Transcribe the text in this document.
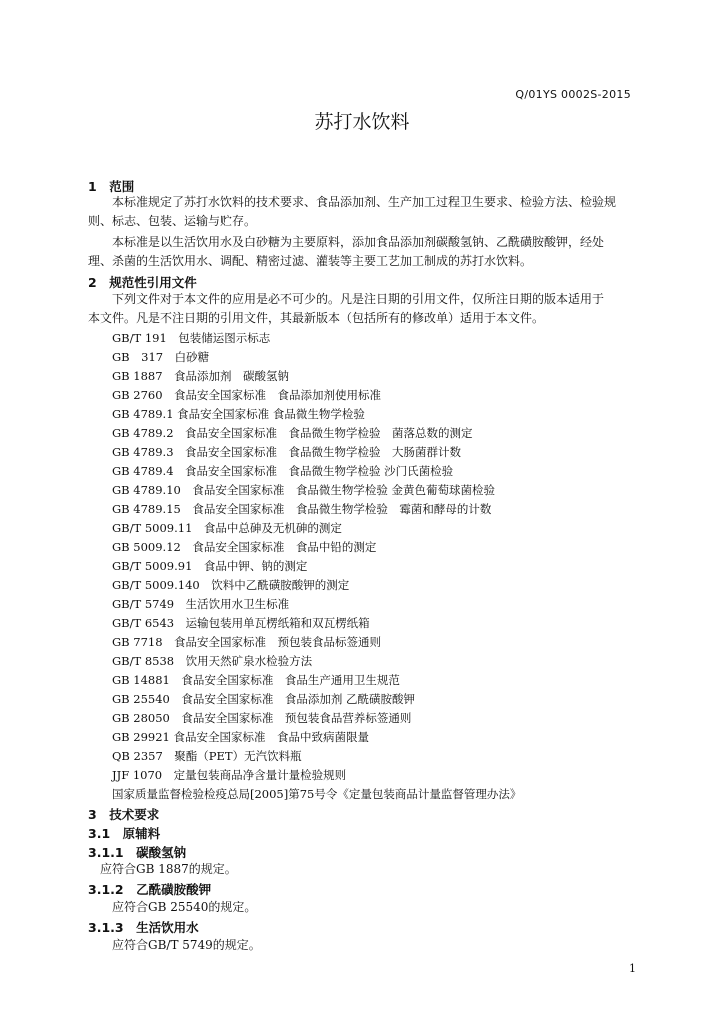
Q/01YS 0002S-2015
苏打水饮料
1　范围
　　本标准规定了苏打水饮料的技术要求、食品添加剂、生产加工过程卫生要求、检验方法、检验规
则、标志、包装、运输与贮存。
　　本标准是以生活饮用水及白砂糖为主要原料，添加食品添加剂碳酸氢钠、乙酰磺胺酸钾，经处
理、杀菌的生活饮用水、调配、精密过滤、灌装等主要工艺加工制成的苏打水饮料。
2　规范性引用文件
　　下列文件对于本文件的应用是必不可少的。凡是注日期的引用文件，仅所注日期的版本适用于
本文件。凡是不注日期的引用文件，其最新版本（包括所有的修改单）适用于本文件。
GB/T 191　包装储运图示标志
GB　317　白砂糖
GB 1887　食品添加剂　碳酸氢钠
GB 2760　食品安全国家标准　食品添加剂使用标准
GB 4789.1 食品安全国家标准 食品微生物学检验
GB 4789.2　食品安全国家标准　食品微生物学检验　菌落总数的测定
GB 4789.3　食品安全国家标准　食品微生物学检验　大肠菌群计数
GB 4789.4　食品安全国家标准　食品微生物学检验 沙门氏菌检验
GB 4789.10　食品安全国家标准　食品微生物学检验 金黄色葡萄球菌检验
GB 4789.15　食品安全国家标准　食品微生物学检验　霉菌和酵母的计数
GB/T 5009.11　食品中总砷及无机砷的测定
GB 5009.12　食品安全国家标准　食品中铅的测定
GB/T 5009.91　食品中钾、钠的测定
GB/T 5009.140　饮料中乙酰磺胺酸钾的测定
GB/T 5749　生活饮用水卫生标准
GB/T 6543　运输包装用单瓦楞纸箱和双瓦楞纸箱
GB 7718　食品安全国家标准　预包装食品标签通则
GB/T 8538　饮用天然矿泉水检验方法
GB 14881　食品安全国家标准　食品生产通用卫生规范
GB 25540　食品安全国家标准　食品添加剂 乙酰磺胺酸钾
GB 28050　食品安全国家标准　预包装食品营养标签通则
GB 29921 食品安全国家标准　食品中致病菌限量
QB 2357　聚酯（PET）无汽饮料瓶
JJF 1070　定量包装商品净含量计量检验规则
国家质量监督检验检疫总局[2005]第75号令《定量包装商品计量监督管理办法》
3　技术要求
3.1　原辅料
3.1.1　碳酸氢钠
应符合GB 1887的规定。
3.1.2　乙酰磺胺酸钾
应符合GB 25540的规定。
3.1.3　生活饮用水
应符合GB/T 5749的规定。
1
